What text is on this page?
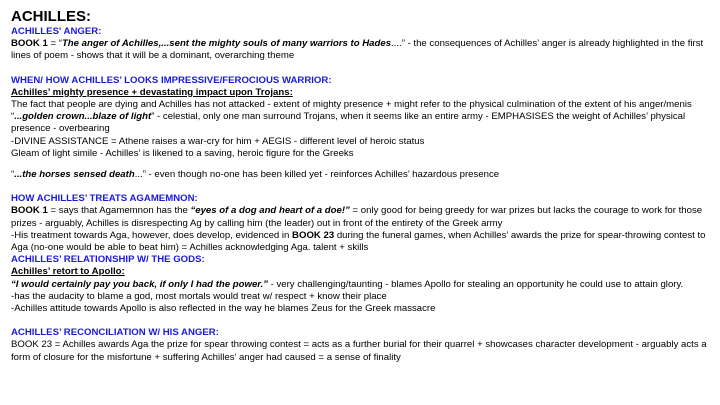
ACHILLES:

ACHILLES' ANGER:

BOOK 1 = “The anger of Achilles,...sent the mighty souls of many warriors to Hades....” - the consequences of Achilles’ anger is already highlighted in the first lines of poem - shows that it will be a dominant, overarching theme

WHEN/ HOW ACHILLES’ LOOKS IMPRESSIVE/FEROCIOUS WARRIOR:

Achilles’ mighty presence + devastating impact upon Trojans:

The fact that people are dying and Achilles has not attacked - extent of mighty presence + might refer to the physical culmination of the extent of his anger/menis

“...golden crown...blaze of light” - celestial, only one man surround Trojans, when it seems like an entire army - EMPHASISES the weight of Achilles’ physical presence - overbearing

-DIVINE ASSISTANCE = Athene raises a war-cry for him + AEGIS - different level of heroic status

Gleam of light simile - Achilles’ is likened to a saving, heroic figure for the Greeks

“...the horses sensed death...” - even though no-one has been killed yet - reinforces Achilles’ hazardous presence

HOW ACHILLES’ TREATS AGAMEMNON:

BOOK 1 = says that Agamemnon has the “eyes of a dog and heart of a doe!” = only good for being greedy for war prizes but lacks the courage to work for those prizes - arguably, Achilles is disrespecting Ag by calling him (the leader) out in front of the entirety of the Greek army

-His treatment towards Aga, however, does develop, evidenced in BOOK 23 during the funeral games, when Achilles’ awards the prize for spear-throwing contest to Aga (no-one would be able to beat him) = Achilles acknowledging Aga. talent + skills

ACHILLES’ RELATIONSHIP W/ THE GODS:

Achilles’ retort to Apollo:

“I would certainly pay you back, if only I had the power.” - very challenging/taunting - blames Apollo for stealing an opportunity he could use to attain glory.

-has the audacity to blame a god, most mortals would treat w/ respect + know their place

-Achilles attitude towards Apollo is also reflected in the way he blames Zeus for the Greek massacre

ACHILLES’ RECONCILIATION W/ HIS ANGER:

BOOK 23 = Achilles awards Aga the prize for spear throwing contest = acts as a further burial for their quarrel + showcases character development - arguably acts a form of closure for the misfortune + suffering Achilles’ anger had caused = a sense of finality
